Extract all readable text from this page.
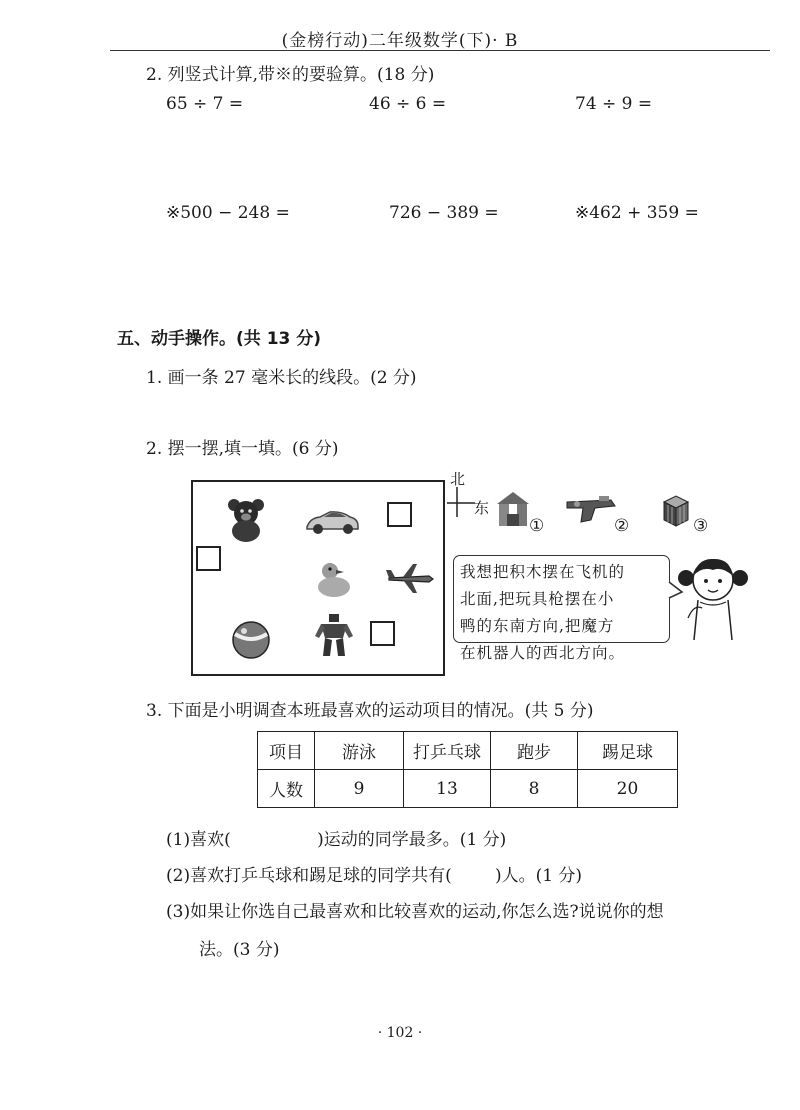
(金榜行动)二年级数学(下)· B
2. 列竖式计算,带※的要验算。(18 分)
65 ÷ 7 =	46 ÷ 6 =	74 ÷ 9 =
※500 − 248 =	726 − 389 =	※462 + 359 =
五、动手操作。(共 13 分)
1. 画一条 27 毫米长的线段。(2 分)
2. 摆一摆,填一填。(6 分)
北
东
①	②	③
我想把积木摆在飞机的
北面,把玩具枪摆在小
鸭的东南方向,把魔方
在机器人的西北方向。
3. 下面是小明调查本班最喜欢的运动项目的情况。(共 5 分)
项目	游泳	打乒乓球	跑步	踢足球
人数	9	13	8	20
(1)喜欢(                )运动的同学最多。(1 分)
(2)喜欢打乒乓球和踢足球的同学共有(        )人。(1 分)
(3)如果让你选自己最喜欢和比较喜欢的运动,你怎么选?说说你的想
法。(3 分)
· 102 ·
